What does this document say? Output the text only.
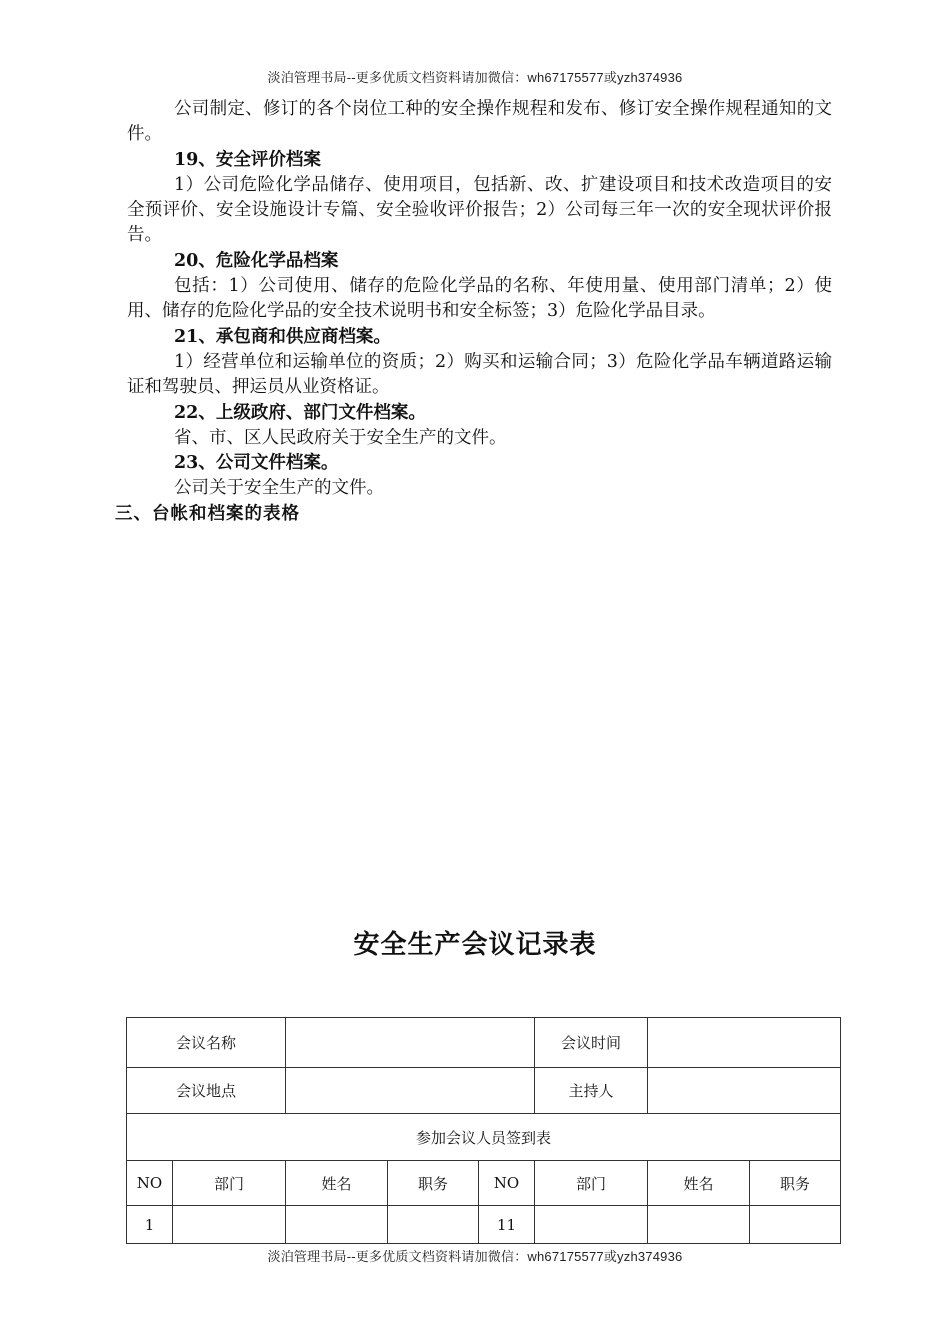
淡泊管理书局--更多优质文档资料请加微信：wh67175577或yzh374936

公司制定、修订的各个岗位工种的安全操作规程和发布、修订安全操作规程通知的文件。

19、安全评价档案

1）公司危险化学品储存、使用项目，包括新、改、扩建设项目和技术改造项目的安全预评价、安全设施设计专篇、安全验收评价报告；2）公司每三年一次的安全现状评价报告。

20、危险化学品档案

包括：1）公司使用、储存的危险化学品的名称、年使用量、使用部门清单；2）使用、储存的危险化学品的安全技术说明书和安全标签；3）危险化学品目录。

21、承包商和供应商档案。

1）经营单位和运输单位的资质；2）购买和运输合同；3）危险化学品车辆道路运输证和驾驶员、押运员从业资格证。

22、上级政府、部门文件档案。

省、市、区人民政府关于安全生产的文件。

23、公司文件档案。

公司关于安全生产的文件。

三、台帐和档案的表格

安全生产会议记录表
会议名称					会议时间		
会议地点					主持人		
参加会议人员签到表							
NO	部门	姓名	职务	NO	部门	姓名	职务
1				11			
淡泊管理书局--更多优质文档资料请加微信：wh67175577或yzh374936
